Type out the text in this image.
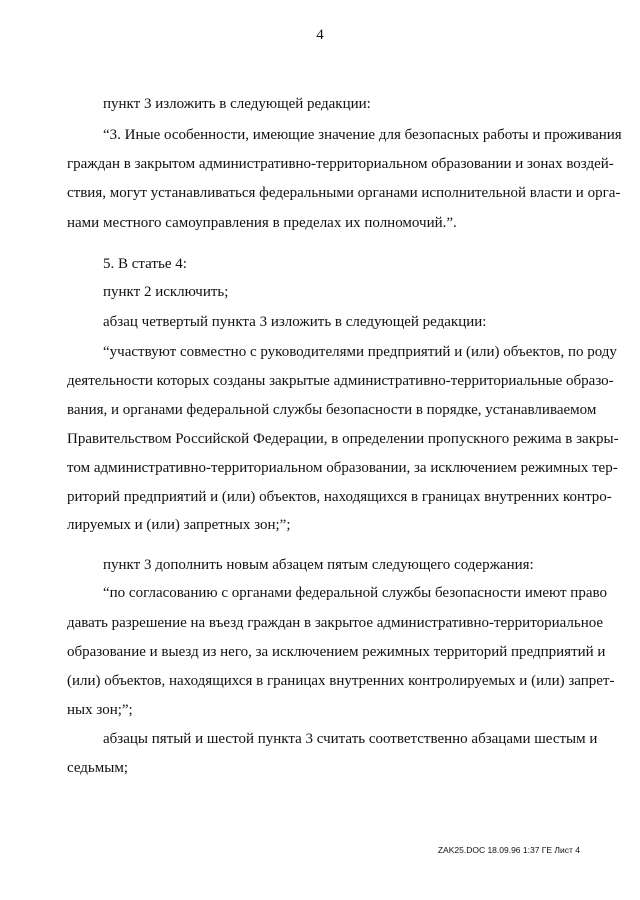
4
пункт 3 изложить в следующей редакции:
“3. Иные особенности, имеющие значение для безопасных работы и проживания
граждан в закрытом административно-территориальном образовании и зонах воздей-
ствия, могут устанавливаться федеральными органами исполнительной власти и орга-
нами местного самоуправления в пределах их полномочий.”.
5. В статье 4:
пункт 2 исключить;
абзац четвертый пункта 3 изложить в следующей редакции:
“участвуют совместно с руководителями предприятий и (или) объектов, по роду
деятельности которых созданы закрытые административно-территориальные образо-
вания, и органами федеральной службы безопасности в порядке, устанавливаемом
Правительством Российской Федерации, в определении пропускного режима в закры-
том административно-территориальном образовании, за исключением режимных тер-
риторий предприятий и (или) объектов, находящихся в границах внутренних контро-
лируемых и (или) запретных зон;”;
пункт 3 дополнить новым абзацем пятым следующего содержания:
“по согласованию с органами федеральной службы безопасности имеют право
давать разрешение на въезд граждан в закрытое административно-территориальное
образование и выезд из него, за исключением режимных территорий предприятий и
(или) объектов, находящихся в границах внутренних контролируемых и (или) запрет-
ных зон;”;
абзацы пятый и шестой пункта 3 считать соответственно абзацами шестым и
седьмым;
ZAK25.DOC 18.09.96 1:37 ГЕ Лист 4
